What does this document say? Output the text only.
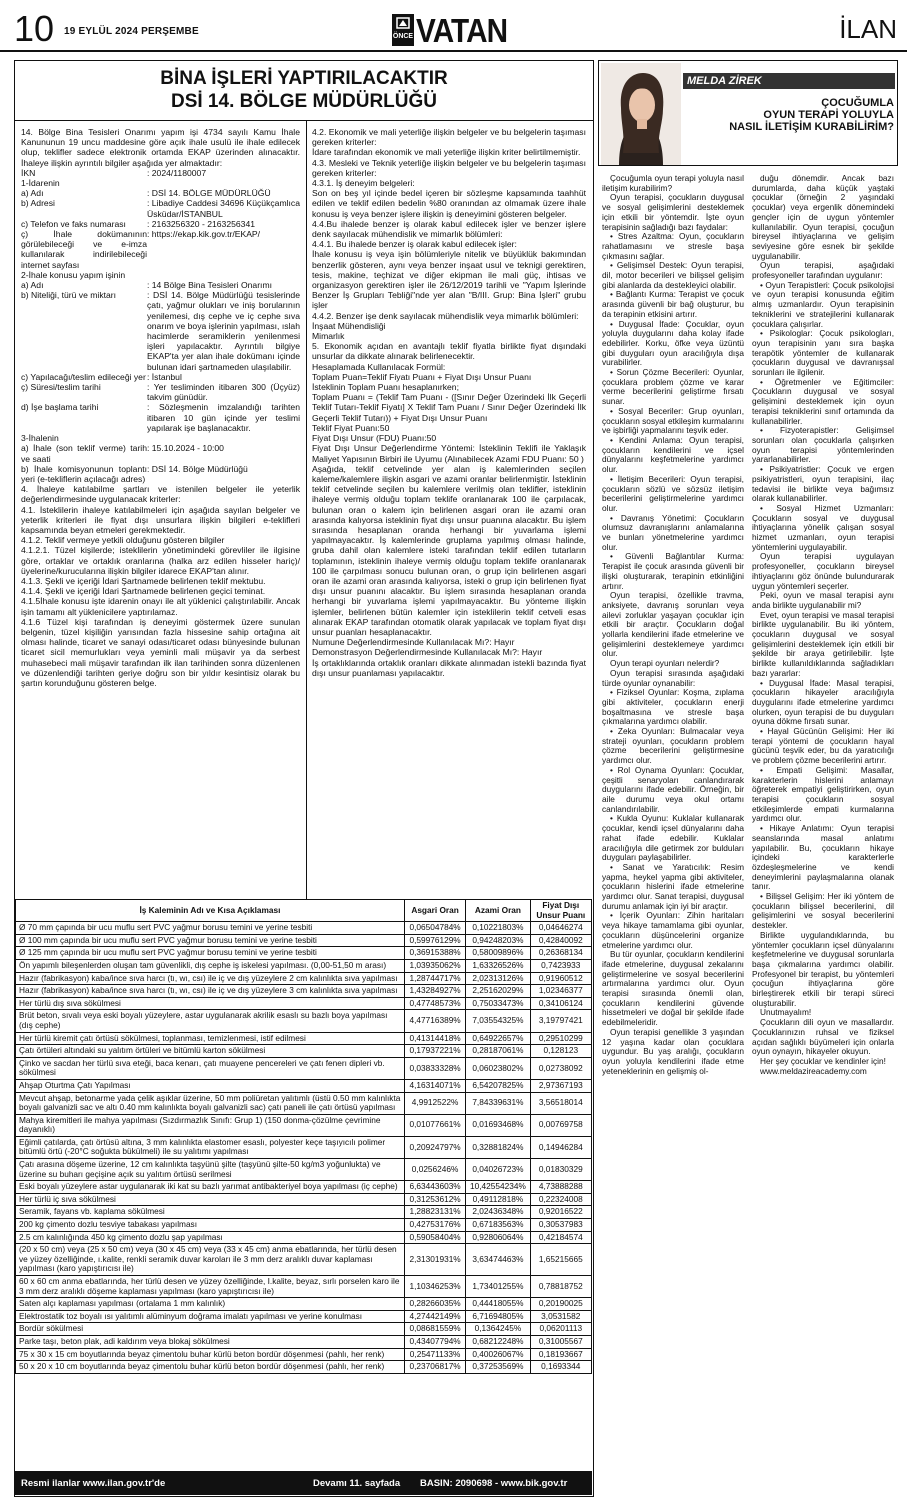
10 19 EYLÜL 2024 PERŞEMBE	ÖNCE VATAN	İLAN
BİNA İŞLERİ YAPTIRILACAKTIR
DSİ 14. BÖLGE MÜDÜRLÜĞÜ

14. Bölge Bina Tesisleri Onarımı yapım işi 4734 sayılı Kamu İhale Kanununun 19 uncu maddesine göre açık ihale usulü ile ihale edilecek olup, teklifler sadece elektronik ortamda EKAP üzerinden alınacaktır. İhaleye ilişkin ayrıntılı bilgiler aşağıda yer almaktadır:

İKN	: 2024/1180007

1-İdarenin

a) Adı	: DSİ 14. BÖLGE MÜDÜRLÜĞÜ
b) Adresi	: Libadiye Caddesi 34696 Küçükçamlıca Üsküdar/İSTANBUL
c) Telefon ve faks numarası	: 2163256320 - 2163256341
ç) İhale dokümanının görülebileceği ve e-imza kullanılarak indirilebileceği internet sayfası
: https://ekap.kik.gov.tr/EKAP/

2-İhale konusu yapım işinin

a) Adı	: 14 Bölge Bina Tesisleri Onarımı
b) Niteliği, türü ve miktarı	: DSİ 14. Bölge Müdürlüğü tesislerinde çatı, yağmur olukları ve iniş borularının yenilemesi, dış cephe ve iç cephe sıva onarım ve boya işlerinin yapılması, ıslah hacimlerde seramiklerin yenilenmesi işleri yapılacaktır. Ayrıntılı bilgiye EKAP'ta yer alan ihale dokümanı içinde bulunan idari şartnameden ulaşılabilir.
c) Yapılacağı/teslim edileceği yer : İstanbul
ç) Süresi/teslim tarihi	: Yer tesliminden itibaren 300 (Üçyüz) takvim günüdür.
d) İşe başlama tarihi	: Sözleşmenin imzalandığı tarihten itibaren 10 gün içinde yer teslimi yapılarak işe başlanacaktır.

3-İhalenin

a) İhale (son teklif verme) tarih ve saati
: 15.10.2024 - 10:00
b) İhale komisyonunun toplantı yeri (e-tekliflerin açılacağı adres)
: DSİ 14. Bölge Müdürlüğü

4. İhaleye katılabilme şartları ve istenilen belgeler ile yeterlik değerlendirmesinde uygulanacak kriterler:
4.1. İsteklilerin ihaleye katılabilmeleri için aşağıda sayılan belgeler ve yeterlik kriterleri ile fiyat dışı unsurlara ilişkin bilgileri e-teklifleri kapsamında beyan etmeleri gerekmektedir.
4.1.2. Teklif vermeye yetkili olduğunu gösteren bilgiler
4.1.2.1. Tüzel kişilerde; isteklilerin yönetimindeki görevliler ile ilgisine göre, ortaklar ve ortaklık oranlarına (halka arz edilen hisseler hariç)/üyelerine/kurucularına ilişkin bilgiler idarece EKAP'tan alınır.
4.1.3. Şekli ve içeriği İdari Şartnamede belirlenen teklif mektubu.
4.1.4. Şekli ve içeriği İdari Şartnamede belirlenen geçici teminat.
4.1.5İhale konusu işte idarenin onayı ile alt yüklenici çalıştırılabilir. Ancak işin tamamı alt yüklenicilere yaptırılamaz.
4.1.6 Tüzel kişi tarafından iş deneyimi göstermek üzere sunulan belgenin, tüzel kişiliğin yarısından fazla hissesine sahip ortağına ait olması halinde, ticaret ve sanayi odası/ticaret odası bünyesinde bulunan ticaret sicil memurlukları veya yeminli mali müşavir ya da serbest muhasebeci mali müşavir tarafından ilk ilan tarihinden sonra düzenlenen ve düzenlendiği tarihten geriye doğru son bir yıldır kesintisiz olarak bu şartın korunduğunu gösteren belge.

4.2. Ekonomik ve mali yeterliğe ilişkin belgeler ve bu belgelerin taşıması gereken kriterler:
İdare tarafından ekonomik ve mali yeterliğe ilişkin kriter belirtilmemiştir.
4.3. Mesleki ve Teknik yeterliğe ilişkin belgeler ve bu belgelerin taşıması gereken kriterler:
4.3.1. İş deneyim belgeleri:
Son on beş yıl içinde bedel içeren bir sözleşme kapsamında taahhüt edilen ve teklif edilen bedelin %80 oranından az olmamak üzere ihale konusu iş veya benzer işlere ilişkin iş deneyimini gösteren belgeler.
4.4.Bu ihalede benzer iş olarak kabul edilecek işler ve benzer işlere denk sayılacak mühendislik ve mimarlık bölümleri:
4.4.1. Bu ihalede benzer iş olarak kabul edilecek işler:
İhale konusu iş veya işin bölümleriyle nitelik ve büyüklük bakımından benzerlik gösteren, aynı veya benzer inşaat usul ve teknigi gerektiren, tesis, makine, teçhizat ve diğer ekipman ile mali güç, ihtisas ve organizasyon gerektiren işler ile 26/12/2019 tarihli ve "Yapım İşlerinde Benzer İş Grupları Tebliği"nde yer alan "B/III. Grup: Bina İşleri" grubu işler
4.4.2. Benzer işe denk sayılacak mühendislik veya mimarlık bölümleri:
İnşaat Mühendisliği
Mimarlık
5. Ekonomik açıdan en avantajlı teklif fiyatla birlikte fiyat dışındaki unsurlar da dikkate alınarak belirlenecektir.
Hesaplamada Kullanılacak Formül:
Toplam Puan=Teklif Fiyatı Puanı + Fiyat Dışı Unsur Puanı
İsteklinin Toplam Puanı hesaplanırken;
Toplam Puanı = (Teklif Tam Puanı - ([Sınır Değer Üzerindeki İlk Geçerli Teklif Tutarı-Teklif Fiyatı] X Teklif Tam Puanı / Sınır Değer Üzerindeki İlk Geçerli Teklif Tutarı)) + Fiyat Dışı Unsur Puanı
Teklif Fiyat Puanı:50
Fiyat Dışı Unsur (FDU) Puanı:50
Fiyat Dışı Unsur Değerlendirme Yöntemi: İsteklinin Teklifi ile Yaklaşık Maliyet Yapısının Birbiri ile Uyumu (Alınabilecek Azami FDU Puanı: 50 )
Aşağıda, teklif cetvelinde yer alan iş kalemlerinden seçilen kaleme/kalemlere ilişkin asgari ve azami oranlar belirlenmiştir. İsteklinin teklif cetvelinde seçilen bu kalemlere verilmiş olan teklifler, isteklinin ihaleye vermiş olduğu toplam teklife oranlanarak 100 ile çarpılacak, bulunan oran o kalem için belirlenen asgari oran ile azami oran arasında kalıyorsa isteklinin fiyat dışı unsur puanına alacaktır. Bu işlem sırasında hesaplanan oranda herhangi bir yuvarlama işlemi yapılmayacaktır. İş kalemlerinde gruplama yapılmış olması halinde, gruba dahil olan kalemlere isteki tarafından teklif edilen tutarların toplamının, isteklinin ihaleye vermiş olduğu toplam teklife oranlanarak 100 ile çarpılması sonucu bulunan oran, o grup için belirlenen asgari oran ile azami oran arasında kalıyorsa, isteki o grup için belirlenen fiyat dışı unsur puanını alacaktır. Bu işlem sırasında hesaplanan oranda herhangi bir yuvarlama işlemi yapılmayacaktır. Bu yönteme ilişkin işlemler, belirlenen bütün kalemler için isteklilerin teklif cetveli esas alınarak EKAP tarafından otomatik olarak yapılacak ve toplam fiyat dışı unsur puanları hesaplanacaktır.
Numune Değerlendirmesinde Kullanılacak Mı?: Hayır
Demonstrasyon Değerlendirmesinde Kullanılacak Mı?: Hayır
İş ortaklıklarında ortaklık oranları dikkate alınmadan istekli bazında fiyat dışı unsur puanlaması yapılacaktır.

İş Kaleminin Adı ve Kısa Açıklaması	Asgari Oran	Azami Oran	Fiyat Dışı Unsur Puanı
Ø 70 mm çapında bir ucu muflu sert PVC yağmur borusu temini ve yerine tesbiti	0,06504784%	0,10221803%	0,04646274
Ø 100 mm çapında bir ucu muflu sert PVC yağmur borusu temini ve yerine tesbiti	0,59976129%	0,94248203%	0,42840092
Ø 125 mm çapında bir ucu muflu sert PVC yağmur borusu temini ve yerine tesbiti	0,36915388%	0,58009896%	0,26368134
Ön yapımlı bileşenlerden oluşan tam güvenlikli, dış cephe iş iskelesi yapılması. (0,00-51,50 m arası)	1,03935062%	1,63326526%	0,7423933
Hazır (fabrikasyon) kaba/ince sıva harcı (tı, wı, csı) ile iç ve dış yüzeylere 2 cm kalınlıkta sıva yapılması	1,28744717%	2,02313126%	0,91960512
Hazır (fabrikasyon) kaba/ince sıva harcı (tı, wı, csı) ile iç ve dış yüzeylere 3 cm kalınlıkta sıva yapılması	1,43284927%	2,25162029%	1,02346377
Her türlü dış sıva sökülmesi	0,47748573%	0,75033473%	0,34106124
Brüt beton, sıvalı veya eski boyalı yüzeylere, astar uygulanarak akrilik esaslı su bazlı boya yapılması (dış cephe)	4,47716389%	7,03554325%	3,19797421
Her türlü kiremit çatı örtüsü sökülmesi, toplanması, temizlenmesi, istif edilmesi	0,41314418%	0,64922657%	0,29510299
Çatı örtüleri altındaki su yalıtım örtüleri ve bitümlü karton sökülmesi	0,17937221%	0,28187061%	0,128123
Çinko ve sacdan her türlü sıva eteği, baca kenarı, çatı muayene pencereleri ve çatı fenerı dipleri vb. sökülmesi	0,03833328%	0,06023802%	0,02738092
Ahşap Oturtma Çatı Yapılması	4,16314071%	6,54207825%	2,97367193
Mevcut ahşap, betonarme yada çelik aşıklar üzerine, 50 mm poliüretan yalıtımlı (üstü 0.50 mm kalınlıkta boyalı galvanizli sac ve altı 0.40 mm kalınlıkta boyalı galvanizli sac) çatı paneli ile çatı örtüsü yapılması	4,9912522%	7,84339631%	3,56518014
Mahya kiremitleri ile mahya yapılması (Sızdırmazlık Sınıfı: Grup 1) (150 donma-çözülme çevrimine dayanıklı)	0,01077661%	0,01693468%	0,00769758
Eğimli çatılarda, çatı örtüsü altına, 3 mm kalınlıkta elastomer esaslı, polyester keçe taşıyıcılı polimer bitümlü örtü (-20°C soğukta bükülmeli) ile su yalıtımı yapılması	0,20924797%	0,32881824%	0,14946284
Çatı arasına döşeme üzerine, 12 cm kalınlıkta taşyünü şilte (taşyünü şilte-50 kg/m3 yoğunlukta) ve üzerine su buharı geçişine açık su yalıtım örtüsü serilmesi	0,0256246%	0,04026723%	0,01830329
Eski boyalı yüzeylere astar uygulanarak iki kat su bazlı yarımat antibakteriyel boya yapılması (iç cephe)	6,63443603%	10,42554234%	4,73888288
Her türlü iç sıva sökülmesi	0,31253612%	0,49112818%	0,22324008
Seramik, fayans vb. kaplama sökülmesi	1,28823131%	2,02436348%	0,92016522
200 kg çimento dozlu tesviye tabakası yapılması	0,42753176%	0,67183563%	0,30537983
2.5 cm kalınlığında 450 kg çimento dozlu şap yapılması	0,59058404%	0,92806064%	0,42184574
(20 x 50 cm) veya (25 x 50 cm) veya (30 x 45 cm) veya (33 x 45 cm) anma ebatlarında, her türlü desen ve yüzey özelliğinde, ı.kalite, renkli seramik duvar karoları ile 3 mm derz aralıklı duvar kaplaması yapılması (karo yapıştırıcısı ile)	2,31301931%	3,63474463%	1,65215665
60 x 60 cm anma ebatlarında, her türlü desen ve yüzey özelliğinde, I.kalite, beyaz, sırlı porselen karo ile 3 mm derz aralıklı döşeme kaplaması yapılması (karo yapıştırıcısı ile)	1,10346253%	1,73401255%	0,78818752
Saten alçı kaplaması yapılması (ortalama 1 mm kalınlık)	0,28266035%	0,44418055%	0,20190025
Elektrostatik toz boyalı ısı yalıtımlı alüminyum doğrama imalatı yapılması ve yerine konulması	4,27442149%	6,71694805%	3,0531582
Bordür sökülmesi	0,08681559%	0,1364245%	0,06201113
Parke taşı, beton plak, adi kaldırım veya blokaj sökülmesi	0,43407794%	0,68212248%	0,31005567
75 x 30 x 15 cm boyutlarında beyaz çimentolu buhar kürlü beton bordür döşenmesi (pahlı, her renk)	0,25471133%	0,40026067%	0,18193667
50 x 20 x 10 cm boyutlarında beyaz çimentolu buhar kürlü beton bordür döşenmesi (pahlı, her renk)	0,23706817%	0,37253569%	0,1693344
Resmi ilanlar www.ilan.gov.tr'de	Devamı 11. sayfada BASIN: 2090698 - www.bik.gov.tr
MELDA ZİREK
ÇOCUĞUMLA
OYUN TERAPİ YOLUYLA
NASIL İLETİŞİM KURABİLİRİM?

Çocuğumla oyun terapi yoluyla nasıl iletişim kurabilirim?

Oyun terapisi, çocukların duygusal ve sosyal gelişimlerini desteklemek için etkili bir yöntemdir. İşte oyun terapisinin sağladığı bazı faydalar:

• Stres Azaltma: Oyun, çocukların rahatlamasını ve stresle başa çıkmasını sağlar.

• Gelişimsel Destek: Oyun terapisi, dil, motor becerileri ve bilişsel gelişim gibi alanlarda da destekleyici olabilir.

• Bağlantı Kurma: Terapist ve çocuk arasında güvenli bir bağ oluşturur, bu da terapinin etkisini artırır.

• Duygusal İfade: Çocuklar, oyun yoluyla duygularını daha kolay ifade edebilirler. Korku, öfke veya üzüntü gibi duyguları oyun aracılığıyla dışa vurabilirler.

• Sorun Çözme Becerileri: Oyunlar, çocuklara problem çözme ve karar verme becerilerini geliştirme fırsatı sunar.

• Sosyal Beceriler: Grup oyunları, çocukların sosyal etkileşim kurmalarını ve işbirliği yapmalarını teşvik eder.

• Kendini Anlama: Oyun terapisi, çocukların kendilerini ve içsel dünyalarını keşfetmelerine yardımcı olur.

• İletişim Becerileri: Oyun terapisi, çocukların sözlü ve sözsüz iletişim becerilerini geliştirmelerine yardımcı olur.

• Davranış Yönetimi: Çocukların olumsuz davranışlarını anlamalarına ve bunları yönetmelerine yardımcı olur.

• Güvenli Bağlantılar Kurma: Terapist ile çocuk arasında güvenli bir ilişki oluşturarak, terapinin etkinliğini artırır.

Oyun terapisi, özellikle travma, anksiyete, davranış sorunları veya ailevi zorluklar yaşayan çocuklar için etkili bir araçtır. Çocukların doğal yollarla kendilerini ifade etmelerine ve gelişimlerini desteklemeye yardımcı olur.

Oyun terapi oyunları nelerdir?

Oyun terapisi sırasında aşağıdaki türde oyunlar oynanabilir:

• Fiziksel Oyunlar: Koşma, zıplama gibi aktiviteler, çocukların enerji boşaltmasına ve stresle başa çıkmalarına yardımcı olabilir.

• Zeka Oyunları: Bulmacalar veya strateji oyunları, çocukların problem çözme becerilerini geliştirmesine yardımcı olur.

• Rol Oynama Oyunları: Çocuklar, çeşitli senaryoları canlandırarak duygularını ifade edebilir. Örneğin, bir aile durumu veya okul ortamı canlandırılabilir.

• Kukla Oyunu: Kuklalar kullanarak çocuklar, kendi içsel dünyalarını daha rahat ifade edebilir. Kuklalar aracılığıyla dile getirmek zor bulduları duyguları paylaşabilirler.

• Sanat ve Yaratıcılık: Resim yapma, heykel yapma gibi aktiviteler, çocukların hislerini ifade etmelerine yardımcı olur. Sanat terapisi, duygusal durumu anlamak için iyi bir araçtır.

• İçerik Oyunları: Zihin haritaları veya hikaye tamamlama gibi oyunlar, çocukların düşüncelerini organize etmelerine yardımcı olur.

Bu tür oyunlar, çocukların kendilerini ifade etmelerine, duygusal zekalarını geliştirmelerine ve sosyal becerilerini artırmalarına yardımcı olur. Oyun terapisi sırasında önemli olan, çocukların kendilerini güvende hissetmeleri ve doğal bir şekilde ifade edebilmeleridir.

Oyun terapisi genellikle 3 yaşından 12 yaşına kadar olan çocuklara uygundur. Bu yaş aralığı, çocukların oyun yoluyla kendilerini ifade etme yeteneklerinin en gelişmiş ol-

duğu dönemdir. Ancak bazı durumlarda, daha küçük yaştaki çocuklar (örneğin 2 yaşındaki çocuklar) veya ergenlik dönemindeki gençler için de uygun yöntemler kullanılabilir. Oyun terapisi, çocuğun bireysel ihtiyaçlarına ve gelişim seviyesine göre esnek bir şekilde uygulanabilir.

Oyun terapisi, aşağıdaki profesyoneller tarafından uygulanır:

• Oyun Terapistleri: Çocuk psikolojisi ve oyun terapisi konusunda eğitim almış uzmanlardır. Oyun terapisinin tekniklerini ve stratejilerini kullanarak çocuklara çalışırlar.

• Psikologlar: Çocuk psikologları, oyun terapisinin yanı sıra başka terapötik yöntemler de kullanarak çocukların duygusal ve davranışsal sorunları ile ilgilenir.

• Öğretmenler ve Eğitimciler: Çocukların duygusal ve sosyal gelişimini desteklemek için oyun terapisi tekniklerini sınıf ortamında da kullanabilirler.

• Fizyoterapistler: Gelişimsel sorunları olan çocuklarla çalışırken oyun terapisi yöntemlerinden yararlanabilirler.

• Psikiyatristler: Çocuk ve ergen psikiyatristleri, oyun terapisini, ilaç tedavisi ile birlikte veya bağımsız olarak kullanabilirler.

• Sosyal Hizmet Uzmanları: Çocukların sosyal ve duygusal ihtiyaçlarına yönelik çalışan sosyal hizmet uzmanları, oyun terapisi yöntemlerini uygulayabilir.

Oyun terapisi uygulayan profesyoneller, çocukların bireysel ihtiyaçlarını göz önünde bulundurarak uygun yöntemleri seçerler.

Peki, oyun ve masal terapisi aynı anda birlikte uygulanabilir mi?

Evet, oyun terapisi ve masal terapisi birlikte uygulanabilir. Bu iki yöntem, çocukların duygusal ve sosyal gelişimlerini desteklemek için etkili bir şekilde bir araya getirilebilir. İşte birlikte kullanıldıklarında sağladıkları bazı yararlar:

• Duygusal İfade: Masal terapisi, çocukların hikayeler aracılığıyla duygularını ifade etmelerine yardımcı olurken, oyun terapisi de bu duyguları oyuna dökme fırsatı sunar.

• Hayal Gücünün Gelişimi: Her iki terapi yöntemi de çocukların hayal gücünü teşvik eder, bu da yaratıcılığı ve problem çözme becerilerini artırır.

• Empati Gelişimi: Masallar, karakterlerin hislerini anlamayı öğreterek empatiyi geliştirirken, oyun terapisi çocukların sosyal etkileşimlerde empati kurmalarına yardımcı olur.

• Hikaye Anlatımı: Oyun terapisi seanslarında masal anlatımı yapılabilir. Bu, çocukların hikaye içindeki karakterlerle özdeşleşmelerine ve kendi deneyimlerini paylaşmalarına olanak tanır.

• Bilişsel Gelişim: Her iki yöntem de çocukların bilişsel becerilerini, dil gelişimlerini ve sosyal becerilerini destekler.

Birlikte uygulandıklarında, bu yöntemler çocukların içsel dünyalarını keşfetmelerine ve duygusal sorunlarla başa çıkmalarına yardımcı olabilir. Profesyonel bir terapist, bu yöntemleri çocuğun ihtiyaçlarına göre birleştirerek etkili bir terapi süreci oluşturabilir.

Unutmayalım!

Çocukların dili oyun ve masallardır. Çocuklarınızın ruhsal ve fiziksel açıdan sağlıklı büyümeleri için onlarla oyun oynayın, hikayeler okuyun.

Her şey çocuklar ve kendinler için!

www.meldazireacademy.com
